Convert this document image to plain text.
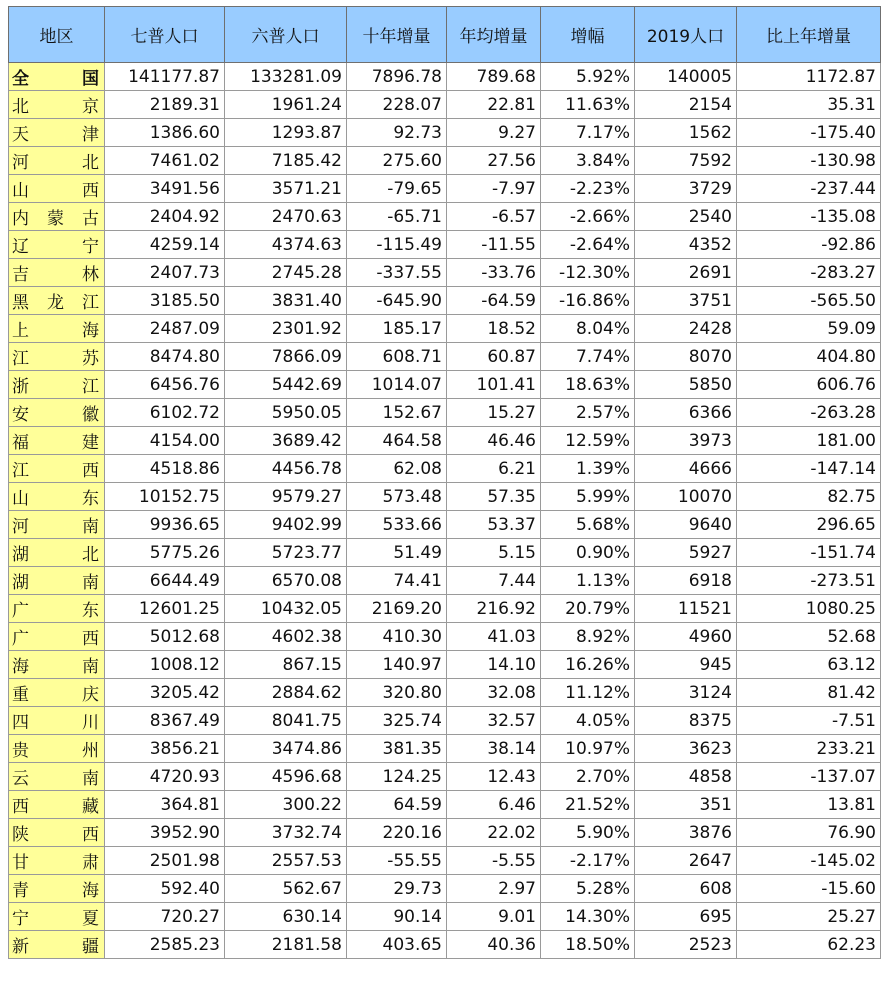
地区	七普人口	六普人口	十年增量	年均增量	增幅	2019人口	比上年增量
全国	141177.87	133281.09	7896.78	789.68	5.92%	140005	1172.87
北京	2189.31	1961.24	228.07	22.81	11.63%	2154	35.31
天津	1386.60	1293.87	92.73	9.27	7.17%	1562	-175.40
河北	7461.02	7185.42	275.60	27.56	3.84%	7592	-130.98
山西	3491.56	3571.21	-79.65	-7.97	-2.23%	3729	-237.44
内蒙古	2404.92	2470.63	-65.71	-6.57	-2.66%	2540	-135.08
辽宁	4259.14	4374.63	-115.49	-11.55	-2.64%	4352	-92.86
吉林	2407.73	2745.28	-337.55	-33.76	-12.30%	2691	-283.27
黑龙江	3185.50	3831.40	-645.90	-64.59	-16.86%	3751	-565.50
上海	2487.09	2301.92	185.17	18.52	8.04%	2428	59.09
江苏	8474.80	7866.09	608.71	60.87	7.74%	8070	404.80
浙江	6456.76	5442.69	1014.07	101.41	18.63%	5850	606.76
安徽	6102.72	5950.05	152.67	15.27	2.57%	6366	-263.28
福建	4154.00	3689.42	464.58	46.46	12.59%	3973	181.00
江西	4518.86	4456.78	62.08	6.21	1.39%	4666	-147.14
山东	10152.75	9579.27	573.48	57.35	5.99%	10070	82.75
河南	9936.65	9402.99	533.66	53.37	5.68%	9640	296.65
湖北	5775.26	5723.77	51.49	5.15	0.90%	5927	-151.74
湖南	6644.49	6570.08	74.41	7.44	1.13%	6918	-273.51
广东	12601.25	10432.05	2169.20	216.92	20.79%	11521	1080.25
广西	5012.68	4602.38	410.30	41.03	8.92%	4960	52.68
海南	1008.12	867.15	140.97	14.10	16.26%	945	63.12
重庆	3205.42	2884.62	320.80	32.08	11.12%	3124	81.42
四川	8367.49	8041.75	325.74	32.57	4.05%	8375	-7.51
贵州	3856.21	3474.86	381.35	38.14	10.97%	3623	233.21
云南	4720.93	4596.68	124.25	12.43	2.70%	4858	-137.07
西藏	364.81	300.22	64.59	6.46	21.52%	351	13.81
陕西	3952.90	3732.74	220.16	22.02	5.90%	3876	76.90
甘肃	2501.98	2557.53	-55.55	-5.55	-2.17%	2647	-145.02
青海	592.40	562.67	29.73	2.97	5.28%	608	-15.60
宁夏	720.27	630.14	90.14	9.01	14.30%	695	25.27
新疆	2585.23	2181.58	403.65	40.36	18.50%	2523	62.23
